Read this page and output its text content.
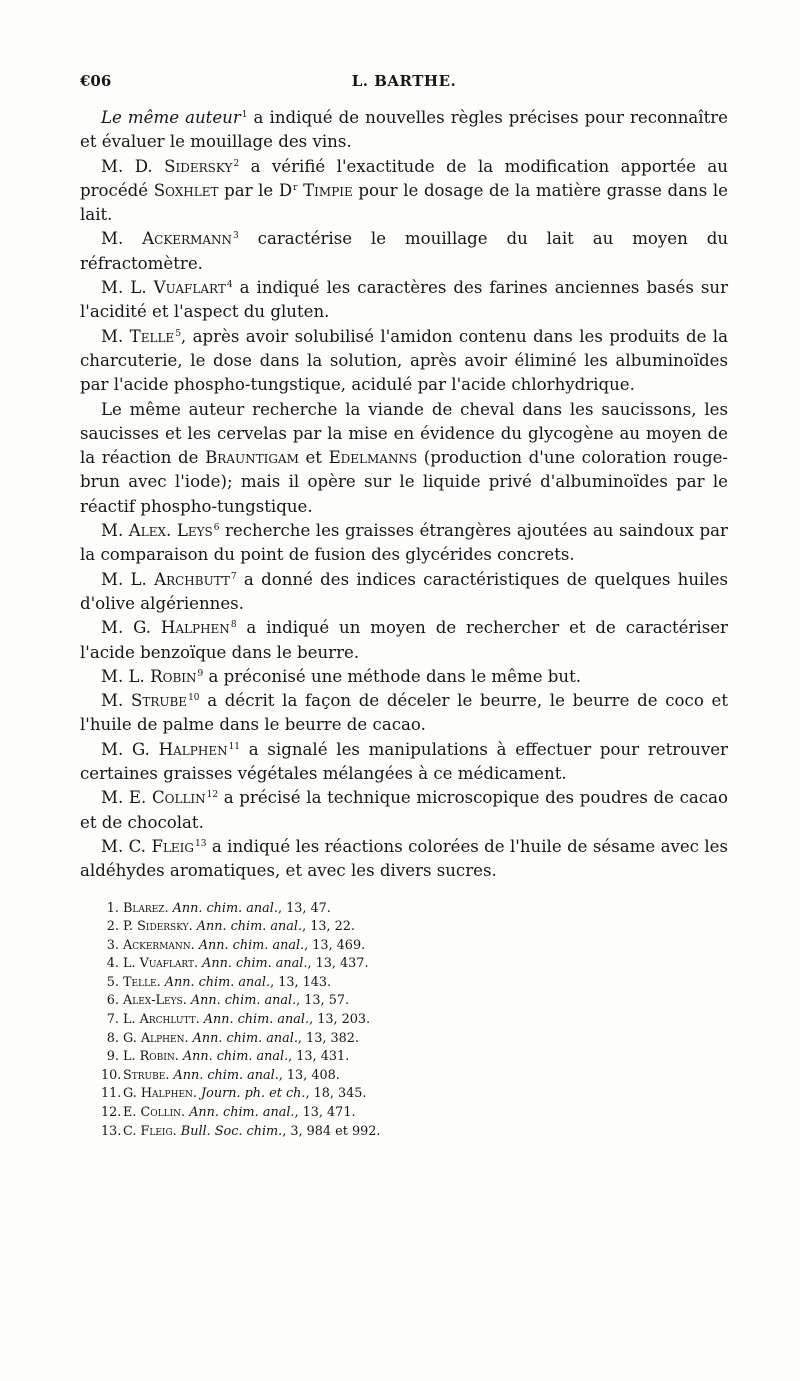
€06	L. BARTHE.

Le même auteur$^1$ a indiqué de nouvelles règles précises pour reconnaître et évaluer le mouillage des vins.

M. D. Sidersky$^2$ a vérifié l'exactitude de la modification apportée au procédé Soxhlet par le $D^r$ Timpie pour le dosage de la matière grasse dans le lait.

M. Ackermann$^3$ caractérise le mouillage du lait au moyen du réfractomètre.

M. L. Vuaflart$^4$ a indiqué les caractères des farines anciennes basés sur l'acidité et l'aspect du gluten.

M. Telle$^5$, après avoir solubilisé l'amidon contenu dans les produits de la charcuterie, le dose dans la solution, après avoir éliminé les albuminoïdes par l'acide phospho-tungstique, acidulé par l'acide chlorhydrique.

Le même auteur recherche la viande de cheval dans les saucissons, les saucisses et les cervelas par la mise en évidence du glycogène au moyen de la réaction de Brauntigam et Edelmanns (production d'une coloration rouge-brun avec l'iode); mais il opère sur le liquide privé d'albuminoïdes par le réactif phospho-tungstique.

M. Alex. Leys$^6$ recherche les graisses étrangères ajoutées au saindoux par la comparaison du point de fusion des glycérides concrets.

M. L. Archbutt$^7$ a donné des indices caractéristiques de quelques huiles d'olive algériennes.

M. G. Halphen$^8$ a indiqué un moyen de rechercher et de caractériser l'acide benzoïque dans le beurre.

M. L. Robin$^9$ a préconisé une méthode dans le même but.

M. Strube$^{10}$ a décrit la façon de déceler le beurre, le beurre de coco et l'huile de palme dans le beurre de cacao.

M. G. Halphen$^{11}$ a signalé les manipulations à effectuer pour retrouver certaines graisses végétales mélangées à ce médicament.

M. E. Collin$^{12}$ a précisé la technique microscopique des poudres de cacao et de chocolat.

M. C. Fleig$^{13}$ a indiqué les réactions colorées de l'huile de sésame avec les aldéhydes aromatiques, et avec les divers sucres.

1. Blarez. Ann. chim. anal., 13, 47.
2. P. Sidersky. Ann. chim. anal., 13, 22.
3. Ackermann. Ann. chim. anal., 13, 469.
4. L. Vuaflart. Ann. chim. anal., 13, 437.
5. Telle. Ann. chim. anal., 13, 143.
6. Alex-Leys. Ann. chim. anal., 13, 57.
7. L. Archlutt. Ann. chim. anal., 13, 203.
8. G. Alphen. Ann. chim. anal., 13, 382.
9. L. Robin. Ann. chim. anal., 13, 431.
10. Strube. Ann. chim. anal., 13, 408.
11. G. Halphen. Journ. ph. et ch., 18, 345.
12. E. Collin. Ann. chim. anal., 13, 471.
13. C. Fleig. Bull. Soc. chim., 3, 984 et 992.
